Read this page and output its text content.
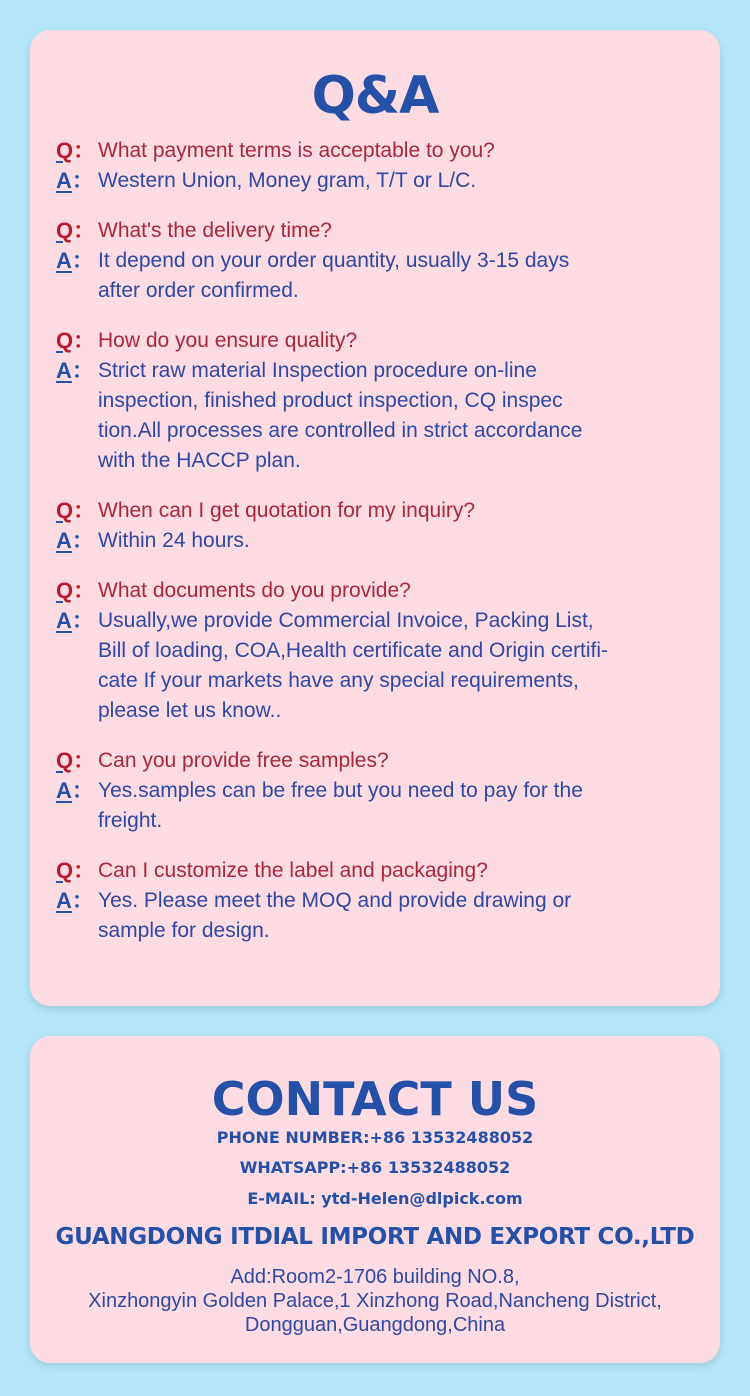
Q&A
Q： What payment terms is acceptable to you?
A： Western Union, Money gram, T/T or L/C.
Q： What's the delivery time?
A： It depend on your order quantity, usually 3-15 days
after order confirmed.
Q： How do you ensure quality?
A： Strict raw material Inspection procedure on-line
inspection, finished product inspection, CQ inspec
tion.All processes are controlled in strict accordance
with the HACCP plan.
Q： When can I get quotation for my inquiry?
A： Within 24 hours.
Q： What documents do you provide?
A： Usually,we provide Commercial Invoice, Packing List,
Bill of loading, COA,Health certificate and Origin certifi-
cate If your markets have any special requirements,
please let us know..
Q： Can you provide free samples?
A： Yes.samples can be free but you need to pay for the
freight.
Q： Can I customize the label and packaging?
A： Yes. Please meet the MOQ and provide drawing or
sample for design.
CONTACT US
PHONE NUMBER:+86 13532488052
WHATSAPP:+86 13532488052
E-MAIL: ytd-Helen@dlpick.com
GUANGDONG ITDIAL IMPORT AND EXPORT CO.,LTD
Add:Room2-1706 building NO.8,
Xinzhongyin Golden Palace,1 Xinzhong Road,Nancheng District,
Dongguan,Guangdong,China
